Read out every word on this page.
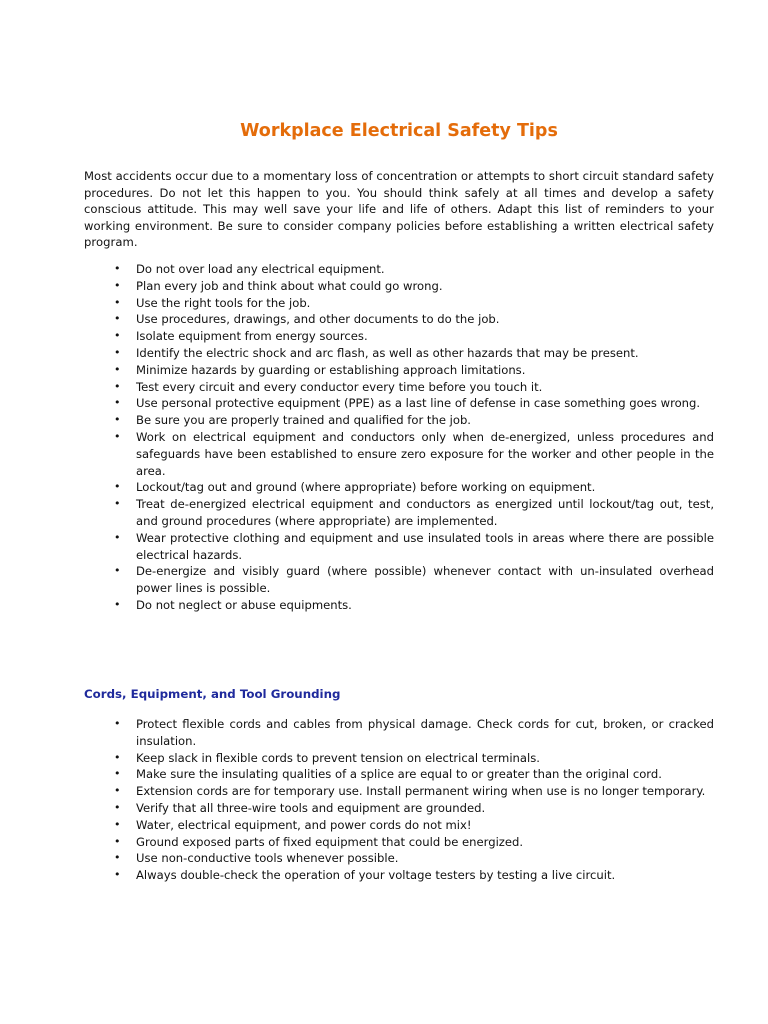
Workplace Electrical Safety Tips

Most accidents occur due to a momentary loss of concentration or attempts to short circuit standard safety procedures. Do not let this happen to you. You should think safely at all times and develop a safety conscious attitude. This may well save your life and life of others. Adapt this list of reminders to your working environment. Be sure to consider company policies before establishing a written electrical safety program.

• Do not over load any electrical equipment.
• Plan every job and think about what could go wrong.
• Use the right tools for the job.
• Use procedures, drawings, and other documents to do the job.
• Isolate equipment from energy sources.
• Identify the electric shock and arc flash, as well as other hazards that may be present.
• Minimize hazards by guarding or establishing approach limitations.
• Test every circuit and every conductor every time before you touch it.
• Use personal protective equipment (PPE) as a last line of defense in case something goes wrong.
• Be sure you are properly trained and qualified for the job.
• Work on electrical equipment and conductors only when de-energized, unless procedures and safeguards have been established to ensure zero exposure for the worker and other people in the area.
• Lockout/tag out and ground (where appropriate) before working on equipment.
• Treat de-energized electrical equipment and conductors as energized until lockout/tag out, test, and ground procedures (where appropriate) are implemented.
• Wear protective clothing and equipment and use insulated tools in areas where there are possible electrical hazards.
• De-energize and visibly guard (where possible) whenever contact with un-insulated overhead power lines is possible.
• Do not neglect or abuse equipments.
Cords, Equipment, and Tool Grounding
• Protect flexible cords and cables from physical damage. Check cords for cut, broken, or cracked insulation.
• Keep slack in flexible cords to prevent tension on electrical terminals.
• Make sure the insulating qualities of a splice are equal to or greater than the original cord.
• Extension cords are for temporary use. Install permanent wiring when use is no longer temporary.
• Verify that all three-wire tools and equipment are grounded.
• Water, electrical equipment, and power cords do not mix!
• Ground exposed parts of fixed equipment that could be energized.
• Use non-conductive tools whenever possible.
• Always double-check the operation of your voltage testers by testing a live circuit.
